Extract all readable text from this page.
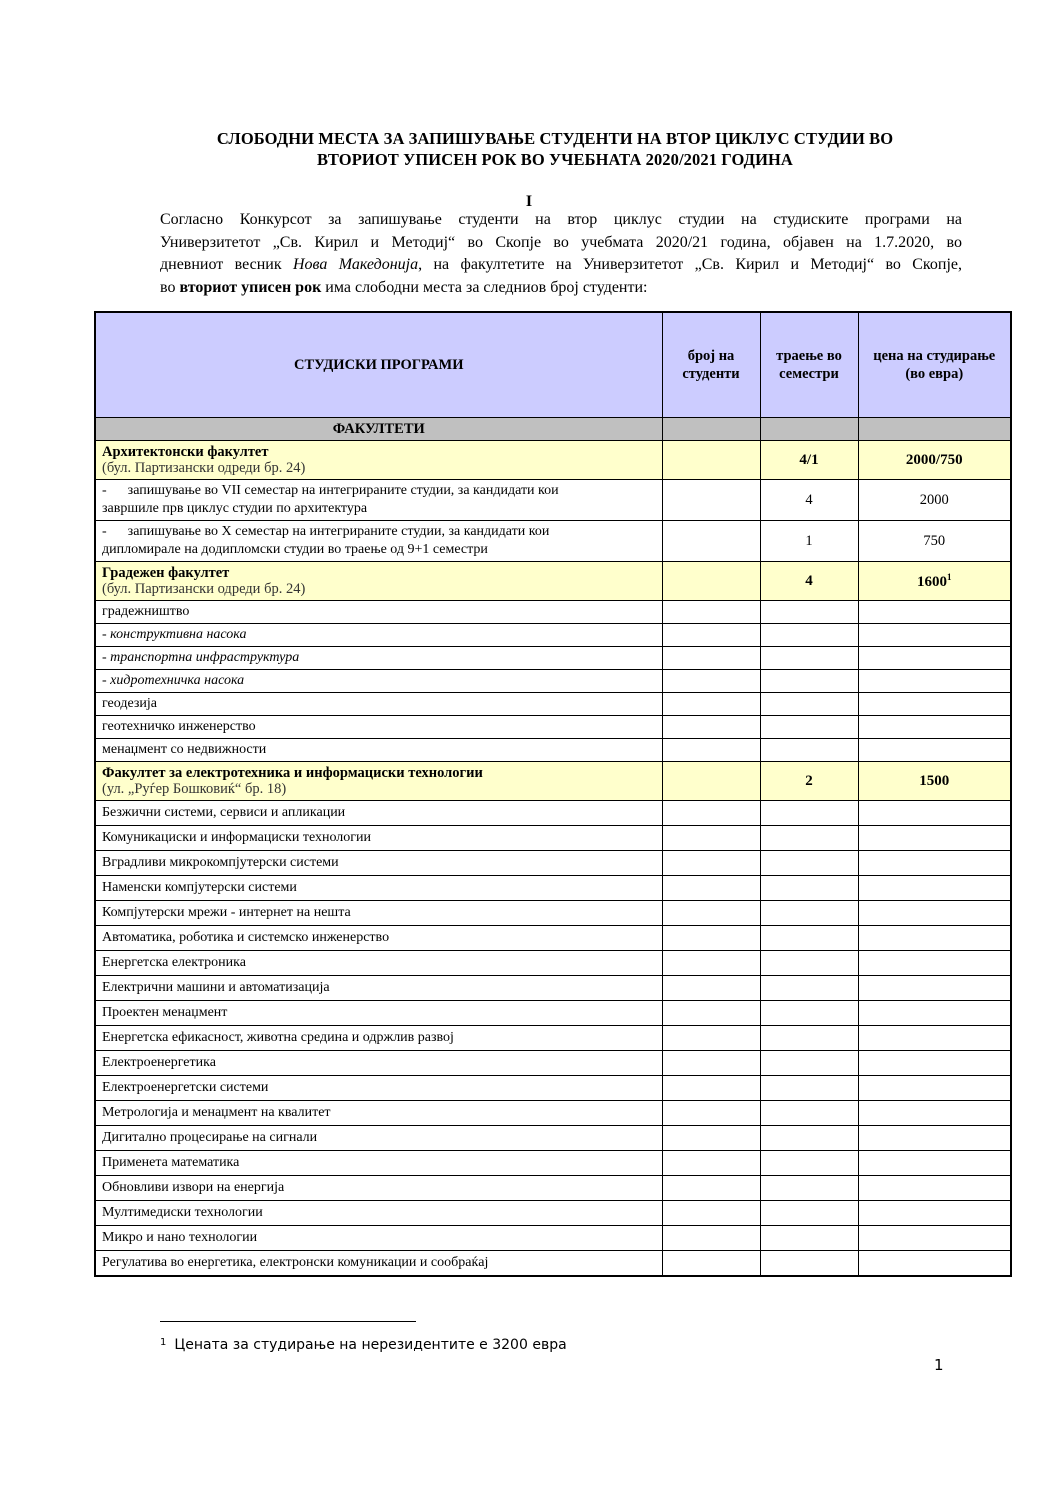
СЛОБОДНИ МЕСТА ЗА ЗАПИШУВАЊЕ СТУДЕНТИ НА ВТОР ЦИКЛУС СТУДИИ ВО
ВТОРИОТ УПИСЕН РОК ВО УЧЕБНАТА 2020/2021 ГОДИНА
I
Согласно Конкурсот за запишување студенти на втор циклус студии на студиските програми на
Универзитетот „Св. Кирил и Методиј“ во Скопје во учебмата 2020/21 година, објавен на 1.7.2020, во
дневниот весник Нова Македонија, на факултетите на Универзитетот „Св. Кирил и Методиј“ во Скопје,
во вториот уписен рок има слободни места за следниов број студенти:
СТУДИСКИ ПРОГРАМИ	број на студенти	траење во семестри	цена на студирање (во евра)
ФАКУЛТЕТИ			

Архитектонски факултет
(бул. Партизански одреди бр. 24)		4/1	2000/750

-  запишување во VII семестар на интегрираните студии, за кандидати кои
завршиле прв циклус студии по архитектура		4	2000

-  запишување во X семестар на интегрираните студии, за кандидати кои
дипломирале на додипломски студии во траење од 9+1 семестри		1	750

Градежен факултет
(бул. Партизански одреди бр. 24)		4	1600$^1$
градежништво			
- конструктивна насока			
- транспортна инфраструктура			
- хидротехничка насока			
геодезија			
геотехничко инженерство			
менаџмент со недвижности			

Факултет за електротехника и информациски технологии
(ул. „Руѓер Бошковиќ“ бр. 18)		2	1500
Безжични системи, сервиси и апликации			
Комуникациски и информациски технологии			
Вградливи микрокомпјутерски системи			
Наменски компјутерски системи			
Компјутерски мрежи - интернет на нешта			
Автоматика, роботика и системско инженерство			
Енергетска електроника			
Електрични машини и автоматизација			
Проектен менаџмент			
Енергетска ефикасност, животна средина и одржлив развој			
Електроенергетика			
Електроенергетски системи			
Метрологија и менаџмент на квалитет			
Дигитално процесирање на сигнали			
Применета математика			
Обновливи извори на енергија			
Мултимедиски технологии			
Микро и нано технологии			
Регулатива во енергетика, електронски комуникации и сообраќај			
$^1$ Цената за студирање на нерезидентите е 3200 евра
1
